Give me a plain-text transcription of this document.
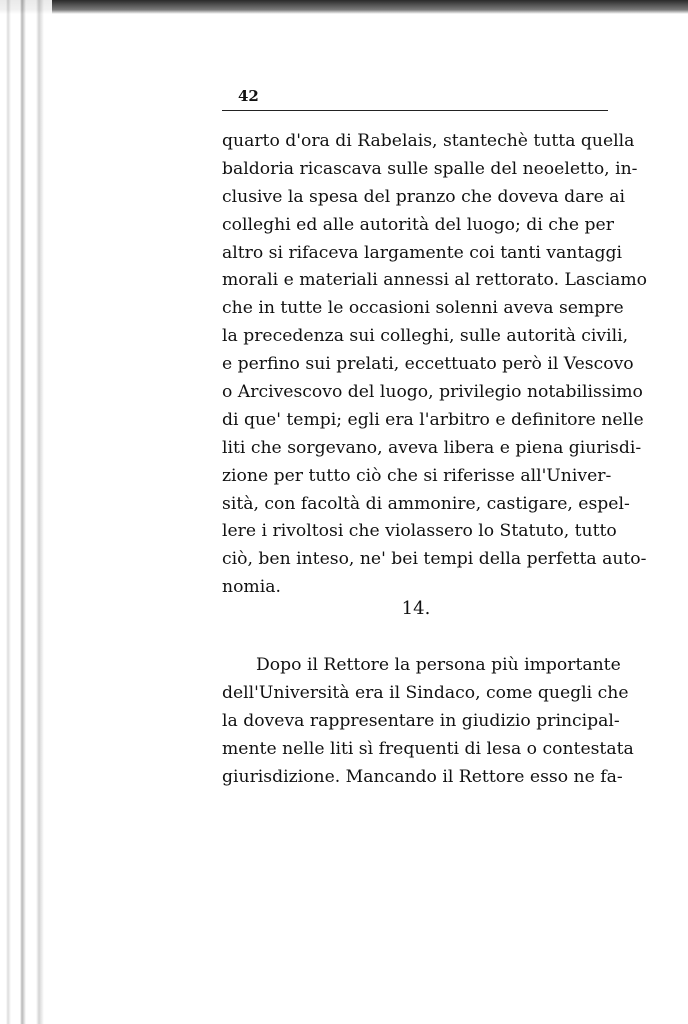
42
quarto d'ora di Rabelais, stantechè tutta quella
baldoria ricascava sulle spalle del neoeletto, in-
clusive la spesa del pranzo che doveva dare ai
colleghi ed alle autorità del luogo; di che per
altro si rifaceva largamente coi tanti vantaggi
morali e materiali annessi al rettorato. Lasciamo
che in tutte le occasioni solenni aveva sempre
la precedenza sui colleghi, sulle autorità civili,
e perfino sui prelati, eccettuato però il Vescovo
o Arcivescovo del luogo, privilegio notabilissimo
di que' tempi; egli era l'arbitro e definitore nelle
liti che sorgevano, aveva libera e piena giurisdi-
zione per tutto ciò che si riferisse all'Univer-
sità, con facoltà di ammonire, castigare, espel-
lere i rivoltosi che violassero lo Statuto, tutto
ciò, ben inteso, ne' bei tempi della perfetta auto-
nomia.
14.
Dopo il Rettore la persona più importante
dell'Università era il Sindaco, come quegli che
la doveva rappresentare in giudizio principal-
mente nelle liti sì frequenti di lesa o contestata
giurisdizione. Mancando il Rettore esso ne fa-
